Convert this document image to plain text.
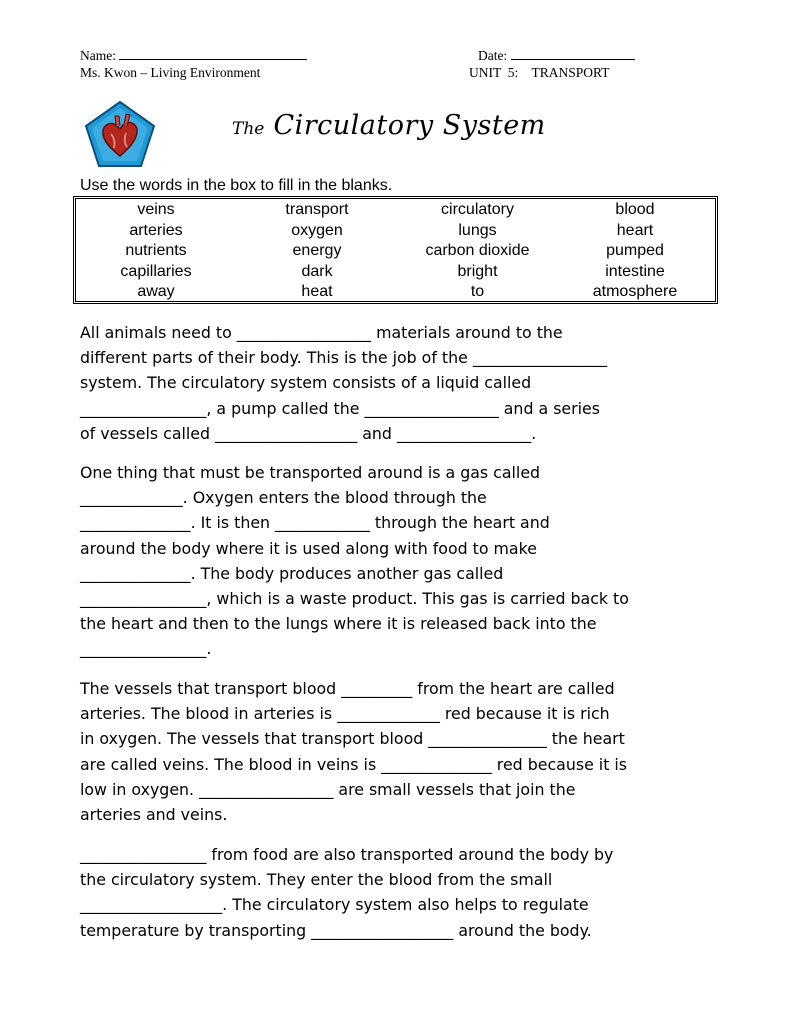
Name:	Date:
Ms. Kwon – Living Environment	UNIT  5:    TRANSPORT
The Circulatory System
Use the words in the box to fill in the blanks.
veins	transport	circulatory	blood
arteries	oxygen	lungs	heart
nutrients	energy	carbon dioxide	pumped
capillaries	dark	bright	intestine
away	heat	to	atmosphere
All animals need to _________________ materials around to the
different parts of their body. This is the job of the _________________
system. The circulatory system consists of a liquid called
________________, a pump called the _________________ and a series
of vessels called __________________ and _________________.
One thing that must be transported around is a gas called
_____________. Oxygen enters the blood through the
______________. It is then ____________ through the heart and
around the body where it is used along with food to make
______________. The body produces another gas called
________________, which is a waste product. This gas is carried back to
the heart and then to the lungs where it is released back into the
________________.
The vessels that transport blood _________ from the heart are called
arteries. The blood in arteries is _____________ red because it is rich
in oxygen. The vessels that transport blood _______________ the heart
are called veins. The blood in veins is ______________ red because it is
low in oxygen. _________________ are small vessels that join the
arteries and veins.
________________ from food are also transported around the body by
the circulatory system. They enter the blood from the small
__________________. The circulatory system also helps to regulate
temperature by transporting __________________ around the body.
